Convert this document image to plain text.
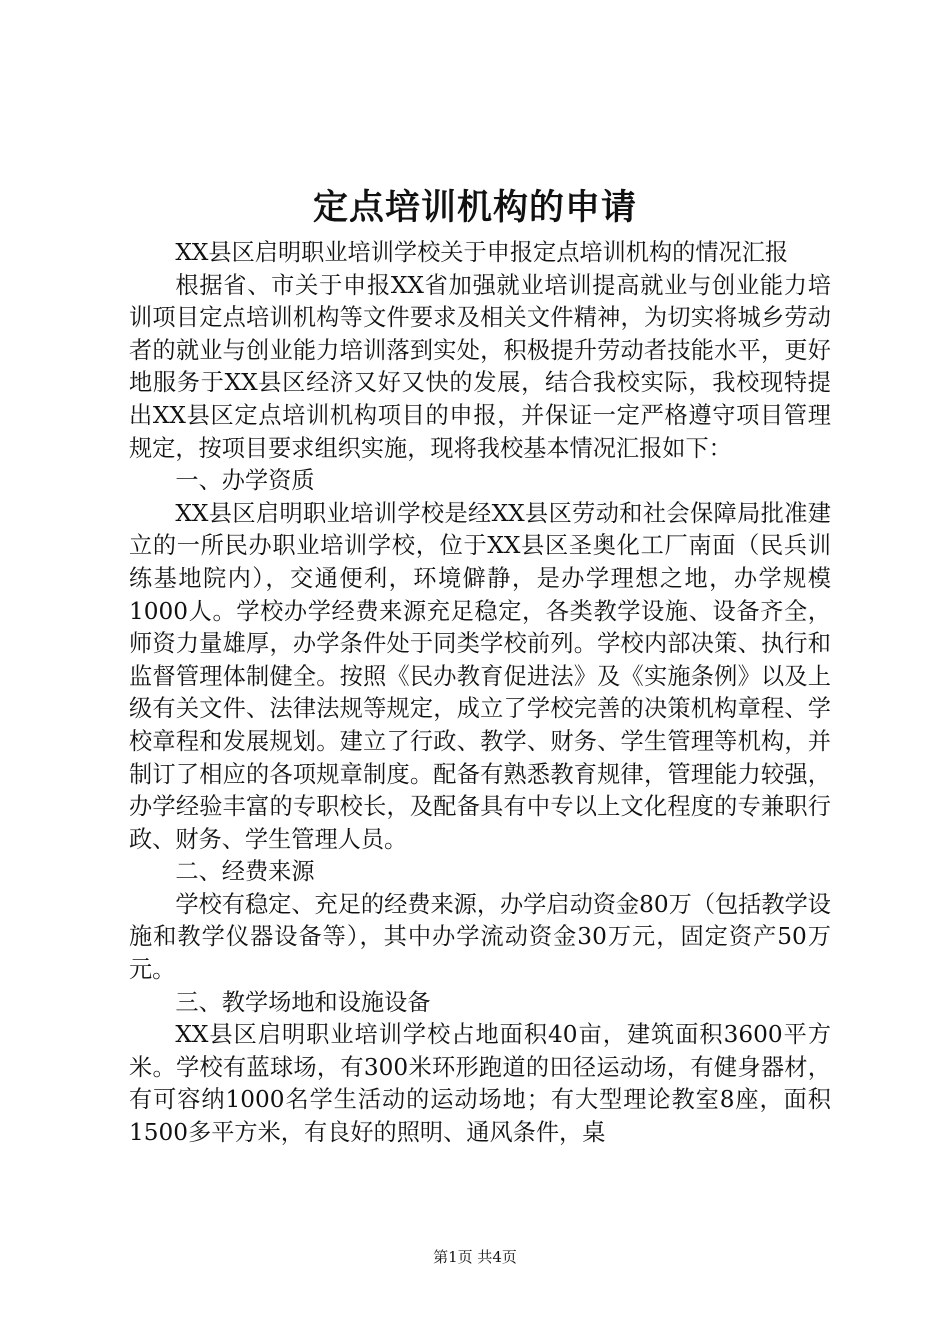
定点培训机构的申请

XX县区启明职业培训学校关于申报定点培训机构的情况汇报

根据省、市关于申报XX省加强就业培训提高就业与创业能力培训项目定点培训机构等文件要求及相关文件精神，为切实将城乡劳动者的就业与创业能力培训落到实处，积极提升劳动者技能水平，更好地服务于XX县区经济又好又快的发展，结合我校实际，我校现特提出XX县区定点培训机构项目的申报，并保证一定严格遵守项目管理规定，按项目要求组织实施，现将我校基本情况汇报如下：

一、办学资质

XX县区启明职业培训学校是经XX县区劳动和社会保障局批准建立的一所民办职业培训学校，位于XX县区圣奥化工厂南面（民兵训练基地院内），交通便利，环境僻静，是办学理想之地，办学规模1000人。学校办学经费来源充足稳定，各类教学设施、设备齐全，师资力量雄厚，办学条件处于同类学校前列。学校内部决策、执行和监督管理体制健全。按照《民办教育促进法》及《实施条例》以及上级有关文件、法律法规等规定，成立了学校完善的决策机构章程、学校章程和发展规划。建立了行政、教学、财务、学生管理等机构，并制订了相应的各项规章制度。配备有熟悉教育规律，管理能力较强，办学经验丰富的专职校长，及配备具有中专以上文化程度的专兼职行政、财务、学生管理人员。

二、经费来源

学校有稳定、充足的经费来源，办学启动资金80万（包括教学设施和教学仪器设备等），其中办学流动资金30万元，固定资产50万元。

三、教学场地和设施设备

XX县区启明职业培训学校占地面积40亩，建筑面积3600平方米。学校有蓝球场，有300米环形跑道的田径运动场，有健身器材，有可容纳1000名学生活动的运动场地；有大型理论教室8座，面积1500多平方米，有良好的照明、通风条件，桌

第1页 共4页
